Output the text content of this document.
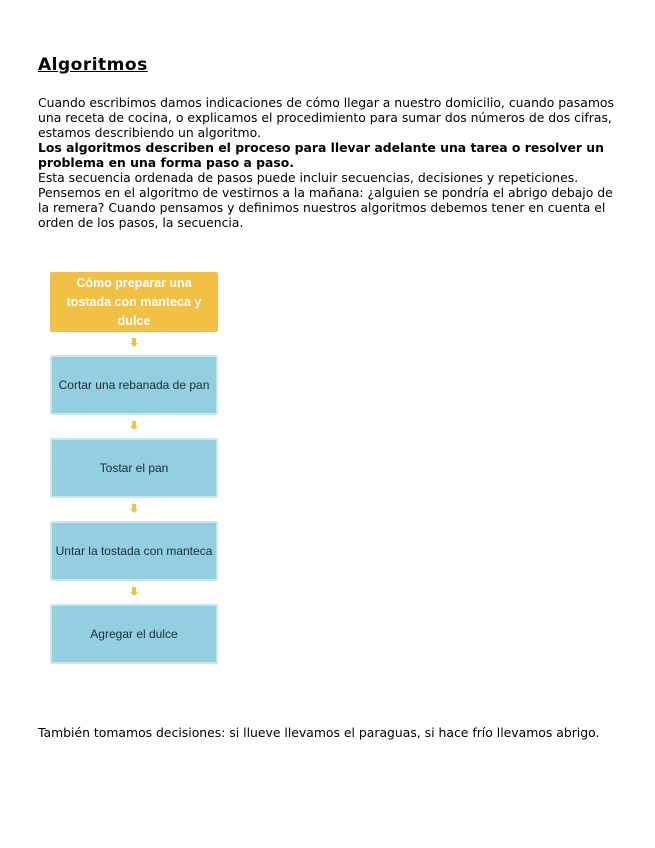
Algoritmos

Cuando escribimos damos indicaciones de cómo llegar a nuestro domicilio, cuando pasamos una receta de cocina, o explicamos el procedimiento para sumar dos números de dos cifras, estamos describiendo un algoritmo.

Los algoritmos describen el proceso para llevar adelante una tarea o resolver un

problema en una forma paso a paso.

Esta secuencia ordenada de pasos puede incluir secuencias, decisiones y repeticiones. Pensemos en el algoritmo de vestirnos a la mañana: ¿alguien se pondría el abrigo debajo de la remera? Cuando pensamos y definimos nuestros algoritmos debemos tener en cuenta el orden de los pasos, la secuencia.

Cómo preparar una tostada con manteca y dulce
Cortar una rebanada de pan
Tostar el pan
Untar la tostada con manteca
Agregar el dulce

También tomamos decisiones: si llueve llevamos el paraguas, si hace frío llevamos abrigo.
